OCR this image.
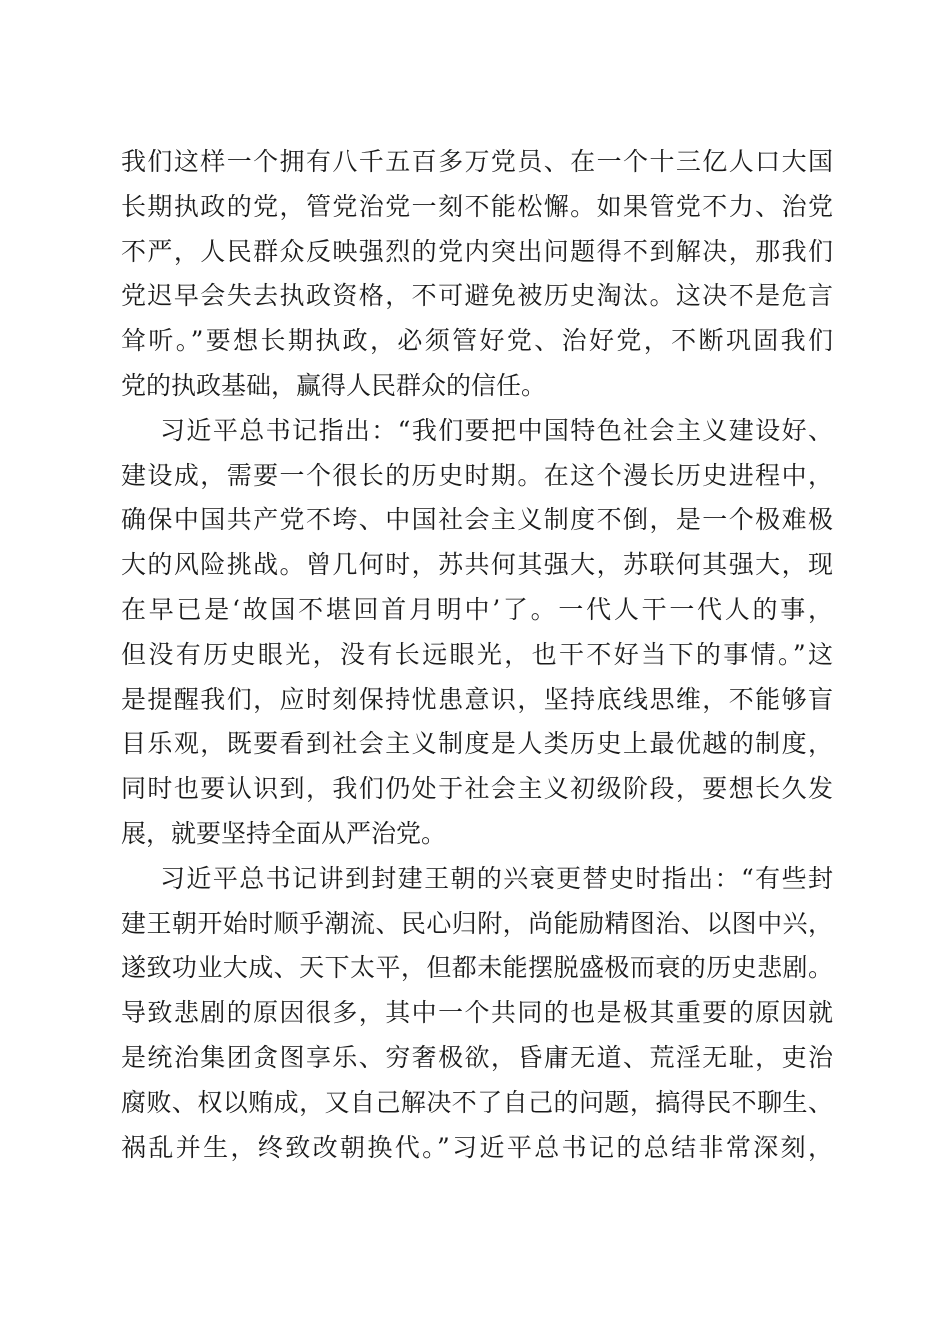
我们这样一个拥有八千五百多万党员、在一个十三亿人口大国
长期执政的党，管党治党一刻不能松懈。如果管党不力、治党
不严，人民群众反映强烈的党内突出问题得不到解决，那我们
党迟早会失去执政资格，不可避免被历史淘汰。这决不是危言
耸听。”要想长期执政，必须管好党、治好党，不断巩固我们
党的执政基础，赢得人民群众的信任。
习近平总书记指出：“我们要把中国特色社会主义建设好、
建设成，需要一个很长的历史时期。在这个漫长历史进程中，
确保中国共产党不垮、中国社会主义制度不倒，是一个极难极
大的风险挑战。曾几何时，苏共何其强大，苏联何其强大，现
在早已是‘故国不堪回首月明中’了。一代人干一代人的事，
但没有历史眼光，没有长远眼光，也干不好当下的事情。”这
是提醒我们，应时刻保持忧患意识，坚持底线思维，不能够盲
目乐观，既要看到社会主义制度是人类历史上最优越的制度，
同时也要认识到，我们仍处于社会主义初级阶段，要想长久发
展，就要坚持全面从严治党。
习近平总书记讲到封建王朝的兴衰更替史时指出：“有些封
建王朝开始时顺乎潮流、民心归附，尚能励精图治、以图中兴，
遂致功业大成、天下太平，但都未能摆脱盛极而衰的历史悲剧。
导致悲剧的原因很多，其中一个共同的也是极其重要的原因就
是统治集团贪图享乐、穷奢极欲，昏庸无道、荒淫无耻，吏治
腐败、权以贿成，又自己解决不了自己的问题，搞得民不聊生、
祸乱并生，终致改朝换代。”习近平总书记的总结非常深刻，
